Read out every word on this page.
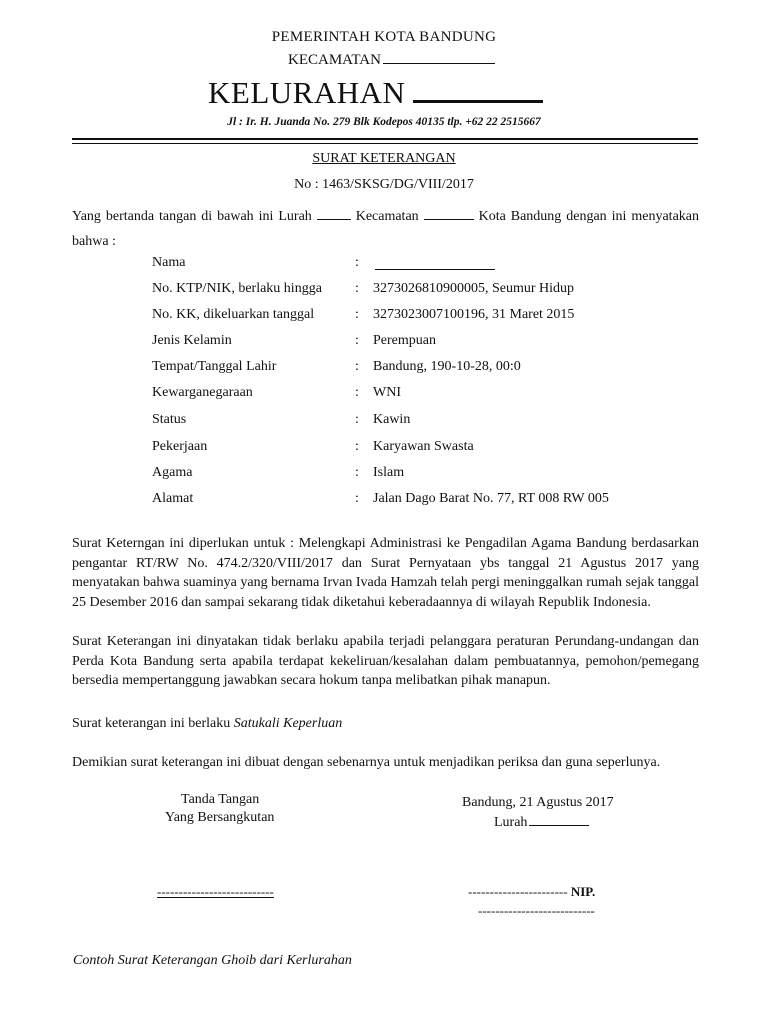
PEMERINTAH KOTA BANDUNG
KECAMATAN
KELURAHAN
Jl : Ir. H. Juanda No. 279 Blk Kodepos 40135 tlp. +62 22 2515667
SURAT KETERANGAN
No : 1463/SKSG/DG/VIII/2017
Yang bertanda tangan di bawah ini Lurah	Kecamatan	Kota Bandung dengan ini menyatakan bahwa :
Nama	:
No. KTP/NIK, berlaku hingga : 3273026810900005, Seumur Hidup
No. KK, dikeluarkan tanggal	: 3273023007100196, 31 Maret 2015
Jenis Kelamin	: Perempuan
Tempat/Tanggal Lahir	: Bandung, 190-10-28, 00:0
Kewarganegaraan	: WNI
Status	: Kawin
Pekerjaan	: Karyawan Swasta
Agama	: Islam
Alamat	: Jalan Dago Barat No. 77, RT 008 RW 005
Surat Keterngan ini diperlukan untuk : Melengkapi Administrasi ke Pengadilan Agama Bandung berdasarkan pengantar RT/RW No. 474.2/320/VIII/2017 dan Surat Pernyataan ybs tanggal 21 Agustus 2017 yang menyatakan bahwa suaminya yang bernama Irvan Ivada Hamzah telah pergi meninggalkan rumah sejak tanggal 25 Desember 2016 dan sampai sekarang tidak diketahui keberadaannya di wilayah Republik Indonesia.
Surat Keterangan ini dinyatakan tidak berlaku apabila terjadi pelanggara peraturan Perundang-undangan dan Perda Kota Bandung serta apabila terdapat kekeliruan/kesalahan dalam pembuatannya, pemohon/pemegang bersedia mempertanggung jawabkan secara hokum tanpa melibatkan pihak manapun.
Surat keterangan ini berlaku Satukali Keperluan
Demikian surat keterangan ini dibuat dengan sebenarnya untuk menjadikan periksa dan guna seperlunya.
Tanda Tangan
Yang Bersangkutan
Bandung, 21 Agustus 2017
Lurah
---------------------------	----------------------- NIP.
---------------------------
Contoh Surat Keterangan Ghoib dari Kerlurahan
